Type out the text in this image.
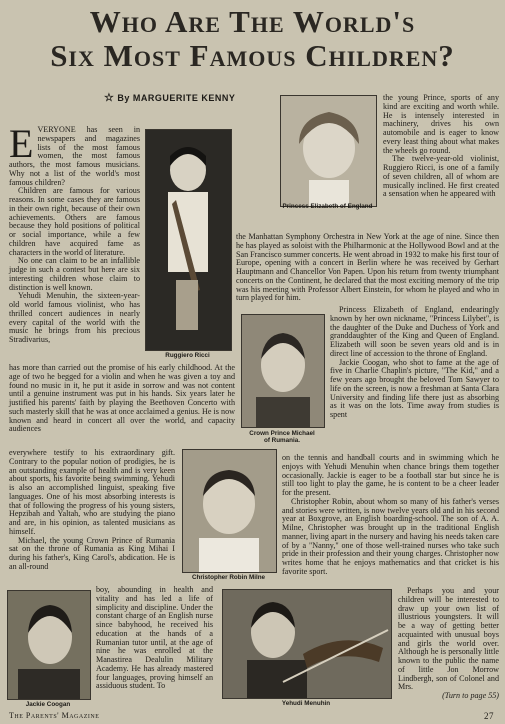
Who Are The World's
Six Most Famous Children?
☆ By MARGUERITE KENNY

EVERYONE has seen in newspapers and magazines lists of the most famous women, the most famous authors, the most famous musicians. Why not a list of the world's most famous children?

Children are famous for various reasons. In some cases they are famous in their own right, because of their own achievements. Others are famous because they hold positions of political or social importance, while a few children have acquired fame as characters in the world of literature.

No one can claim to be an infallible judge in such a contest but here are six interesting children whose claim to distinction is well known.

Yehudi Menuhin, the sixteen-year-old world famous violinist, who has thrilled concert audiences in nearly every capital of the world with the music he brings from his precious Stradivarius,

Ruggiero Ricci
Princess Elizabeth of England

the young Prince, sports of any kind are exciting and worth while. He is intensely interested in machinery, drives his own automobile and is eager to know every least thing about what makes the wheels go round.

The twelve-year-old violinist, Ruggiero Ricci, is one of a family of seven children, all of whom are musically inclined. He first created a sensation when he appeared with

the Manhattan Symphony Orchestra in New York at the age of nine. Since then he has played as soloist with the Philharmonic at the Hollywood Bowl and at the San Francisco summer concerts. He went abroad in 1932 to make his first tour of Europe, opening with a concert in Berlin where he was received by Gerhart Hauptmann and Chancellor Von Papen. Upon his return from twenty triumphant concerts on the Continent, he declared that the most exciting memory of the trip was his meeting with Professor Albert Einstein, for whom he played and who in turn played for him.

has more than carried out the promise of his early childhood. At the age of two he begged for a violin and when he was given a toy and found no music in it, he put it aside in sorrow and was not content until a genuine instrument was put in his hands. Six years later he justified his parents' faith by playing the Beethoven Concerto with such masterly skill that he was at once acclaimed a genius. He is now known and heard in concert all over the world, and capacity audiences

Crown Prince Michael
of Rumania.

Princess Elizabeth of England, endearingly known by her own nickname, "Princess Lilybet", is the daughter of the Duke and Duchess of York and granddaughter of the King and Queen of England. Elizabeth will soon be seven years old and is in direct line of accession to the throne of England.

Jackie Coogan, who shot to fame at the age of five in Charlie Chaplin's picture, "The Kid," and a few years ago brought the beloved Tom Sawyer to life on the screen, is now a freshman at Santa Clara University and finding life there just as absorbing as it was on the lots. Time away from studies is spent

everywhere testify to his extraordinary gift. Contrary to the popular notion of prodigies, he is an outstanding example of health and is very keen about sports, his favorite being swimming. Yehudi is also an accomplished linguist, speaking five languages. One of his most absorbing interests is that of following the progress of his young sisters, Hepzibah and Yaltah, who are studying the piano and are, in his opinion, as talented musicians as himself.

Michael, the young Crown Prince of Rumania sat on the throne of Rumania as King Mihai I during his father's, King Carol's, abdication. He is an all-round

Christopher Robin Milne

on the tennis and handball courts and in swimming which he enjoys with Yehudi Menuhin when chance brings them together occasionally. Jackie is eager to be a football star but since he is still too light to play the game, he is content to be a cheer leader for the present.

Christopher Robin, about whom so many of his father's verses and stories were written, is now twelve years old and in his second year at Boxgrove, an English boarding-school. The son of A. A. Milne, Christopher was brought up in the traditional English manner, living apart in the nursery and having his needs taken care of by a "Nanny," one of those well-trained nurses who take such pride in their profession and their young charges. Christopher now writes home that he enjoys mathematics and that cricket is his favorite sport.

Jackie Coogan

boy, abounding in health and vitality and has led a life of simplicity and discipline. Under the constant charge of an English nurse since babyhood, he received his education at the hands of a Rumanian tutor until, at the age of nine he was enrolled at the Manastirea Dealulin Military Academy. He has already mastered four languages, proving himself an assiduous student. To

Yehudi Menuhin

Perhaps you and your children will be interested to draw up your own list of illustrious youngsters. It will be a way of getting better acquainted with unusual boys and girls the world over. Although he is personally little known to the public the name of little Jon Morrow Lindbergh, son of Colonel and Mrs.

(Turn to page 55)
The Parents' Magazine	27
